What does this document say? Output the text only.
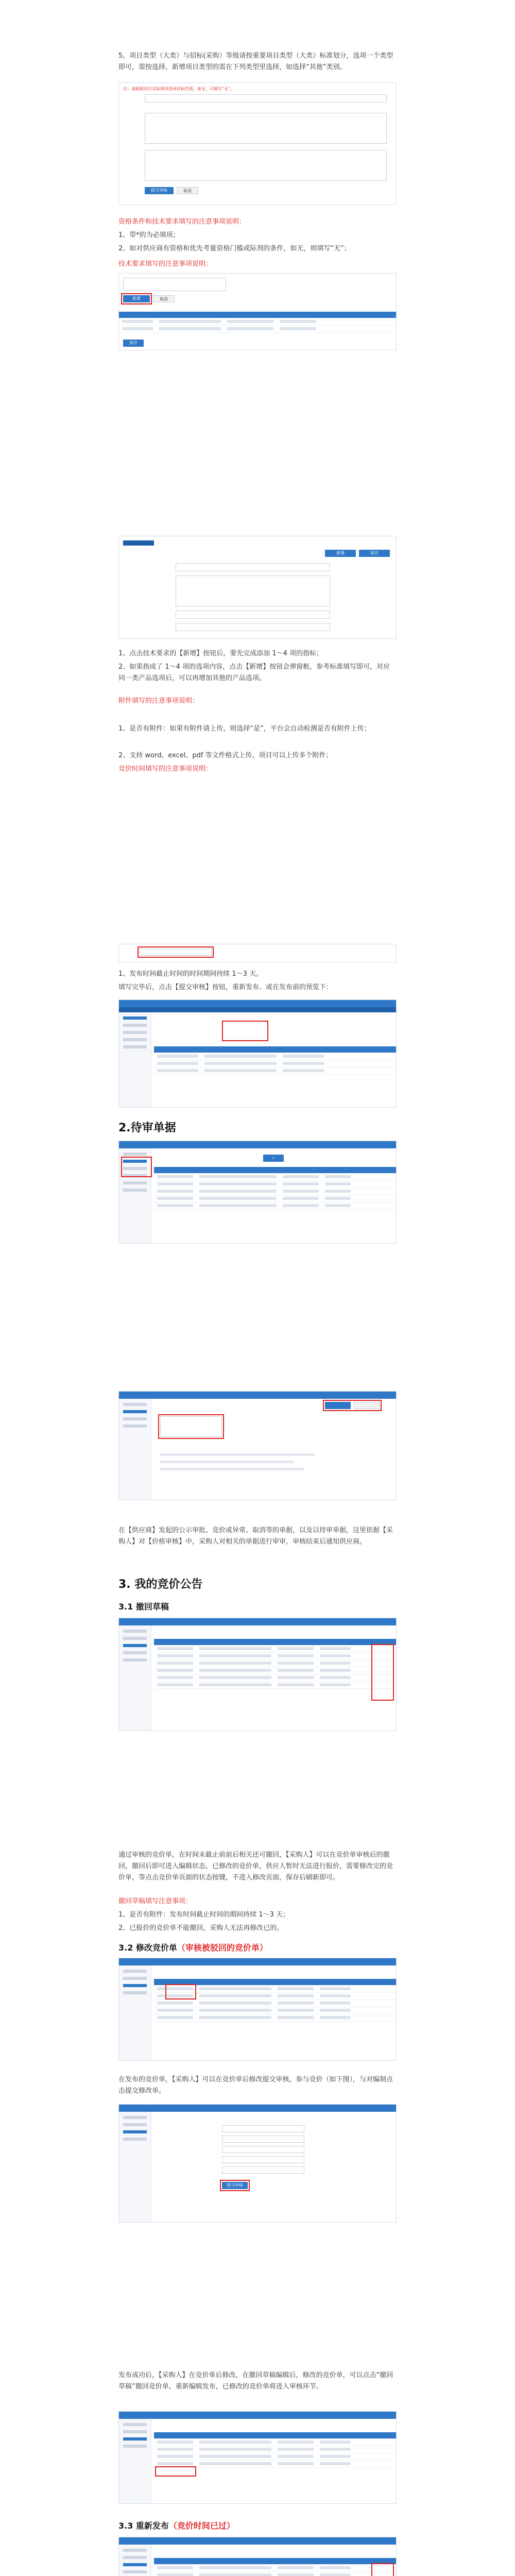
5、项目类型（大类）与招标(采购）等级请按重要项目类型（大类）标准划分，选项一个类型即可，需按选择，新增项目类型的需在下列类型里选择，如选择“其他”类别。

注：请根据项目实际情况选择投标性质，如无，可填写“无”。
提交审核	取消

资格条件和技术要求填写的注意事项说明：

1、带*的为必填项；

2、如对供应商有资格和优先考量资格门槛或际剂的条件，如无，则填写“无”；

技术要求填写的注意事项说明：

新增	取消
保存
新增	保存

1、点击技术要求的【新增】按钮后，要先完成添加 1～4 项的指标；

2、如果指成了 1～4 项的选项内容，点击【新增】按钮会弹窗框，参考标准填写即可，对应同一类产品选项后，可以再增加其他的产品选项。

附件填写的注意事项说明：

1、是否有附件：如果有附件请上传，则选择“是”，平台会自动检测是否有附件上传；

2、支持 word、excel、pdf 等文件格式上传，项目可以上传多个附件；

竞价时间填写的注意事项说明：

1、发布时间截止时间的时间期间持续 1～3 天。

填写完毕后，点击【提交审核】按钮，重新发布、或在发布前的预览下：

2.待审单据
⌕

在【供应商】发起的公示审批、竞价或异常、取消等的单据，以及以待审单据，这里依据【采购人】对【价格审核】中，采购人对相关的单据进行审审，审核结束后通知供应商。

3. 我的竞价公告
3.1 撤回草稿

通过审核的竞价单，在时间未截止前前后相关还可撤回，【采购人】可以在竞价单审核后的撤回，撤回后即可进入编辑状态，已修改的竞价单，供应人暂时无法进行报价，需要修改完的竞价单，等点击竞价单页面的状态按键，不进入修改页面，保存后刷新即可。

撤回草稿填写注意事项：

1、是否有附件：发布时间截止时间的期间持续 1～3 天；

2、已报价的竞价单不能撤回，采购人无法再修改已的。

3.2 修改竞价单（审核被驳回的竞价单）

在发布的竞价单，【采购人】可以在竞价单后修改提交审核，参与竞价（如下图），与对编制点击提交修改单。

提交审核

发布成功后，【采购人】在竞价单后修改，在撤回草稿编辑后，修改的竞价单，可以点击“撤回草稿”撤回竞价单，重新编辑发布，已修改的竞价单将进入审核环节。

3.3 重新发布（竞价时间已过）
